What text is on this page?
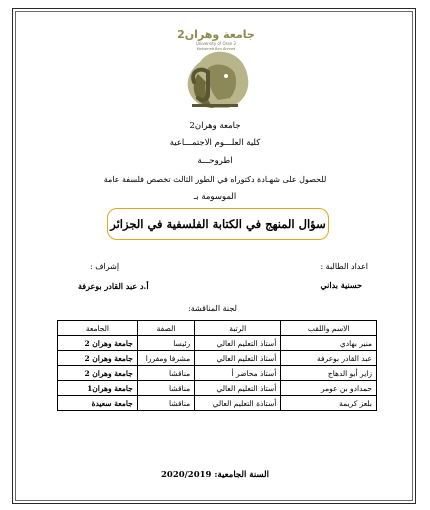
جامعة وهران2
University of Oran 2
Mohamed Ben Ahmed
جامعة وهران2
كلية العلـــوم الاجتمـــاعية
اطروحـــة
للحصول على شهـادة دكتوراه في الطور الثالث تخصص فلسفة عامة
الموسومة بـ
سؤال المنهج في الكتابة الفلسفية في الجزائر
اعداد الطالبة :
حسنية بداني
إشراف :
أ.د عبد القادر بوعرفة
لجنة المناقشة:
الاسم واللقب	الرتبة	الصفة	الجامعة
منير بهادي	أستاذ التعليم العالي	رئيسا	جامعة وهران 2
عبد القادر بوعرفة	أستاذ التعليم العالي	مشرفا ومقررا	جامعة وهران 2
زاير أبو الدهاج	أستاذ محاضر أ	مناقشا	جامعة وهران 2
حمدادو بن عومر	أستاذ التعليم العالي	مناقشا	جامعة وهران1
بلعز كريمة	أستاذة التعليم العالي	مناقشا	جامعة سعيدة
السنة الجامعية: 2020/2019
